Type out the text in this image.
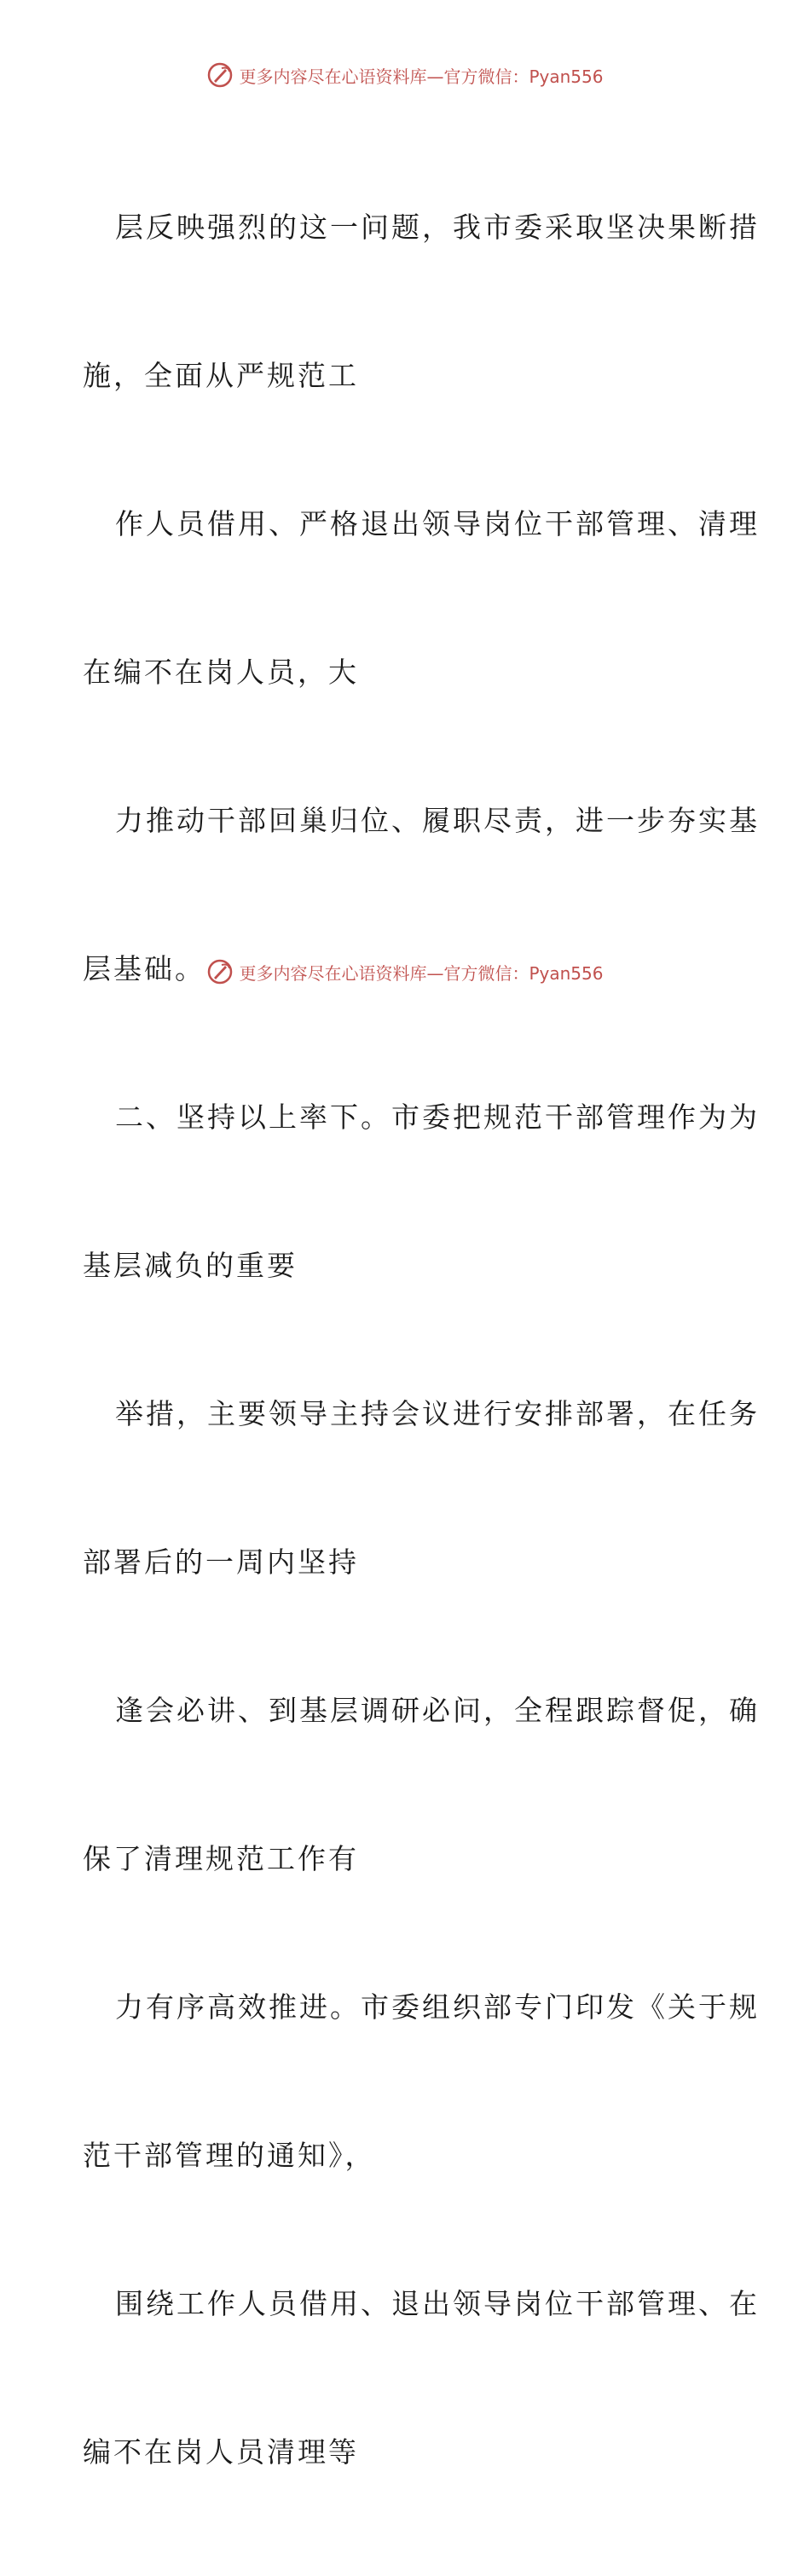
更多内容尽在心语资料库—官方微信：Pyan556

层反映强烈的这一问题，我市委采取坚决果断措

施，全面从严规范工

作人员借用、严格退出领导岗位干部管理、清理

在编不在岗人员，大

力推动干部回巢归位、履职尽责，进一步夯实基

层基础。

二、坚持以上率下。市委把规范干部管理作为为

基层减负的重要

举措，主要领导主持会议进行安排部署，在任务

部署后的一周内坚持

逢会必讲、到基层调研必问，全程跟踪督促，确

保了清理规范工作有

力有序高效推进。市委组织部专门印发《关于规

范干部管理的通知》，

围绕工作人员借用、退出领导岗位干部管理、在

编不在岗人员清理等

更多内容尽在心语资料库—官方微信：Pyan556
